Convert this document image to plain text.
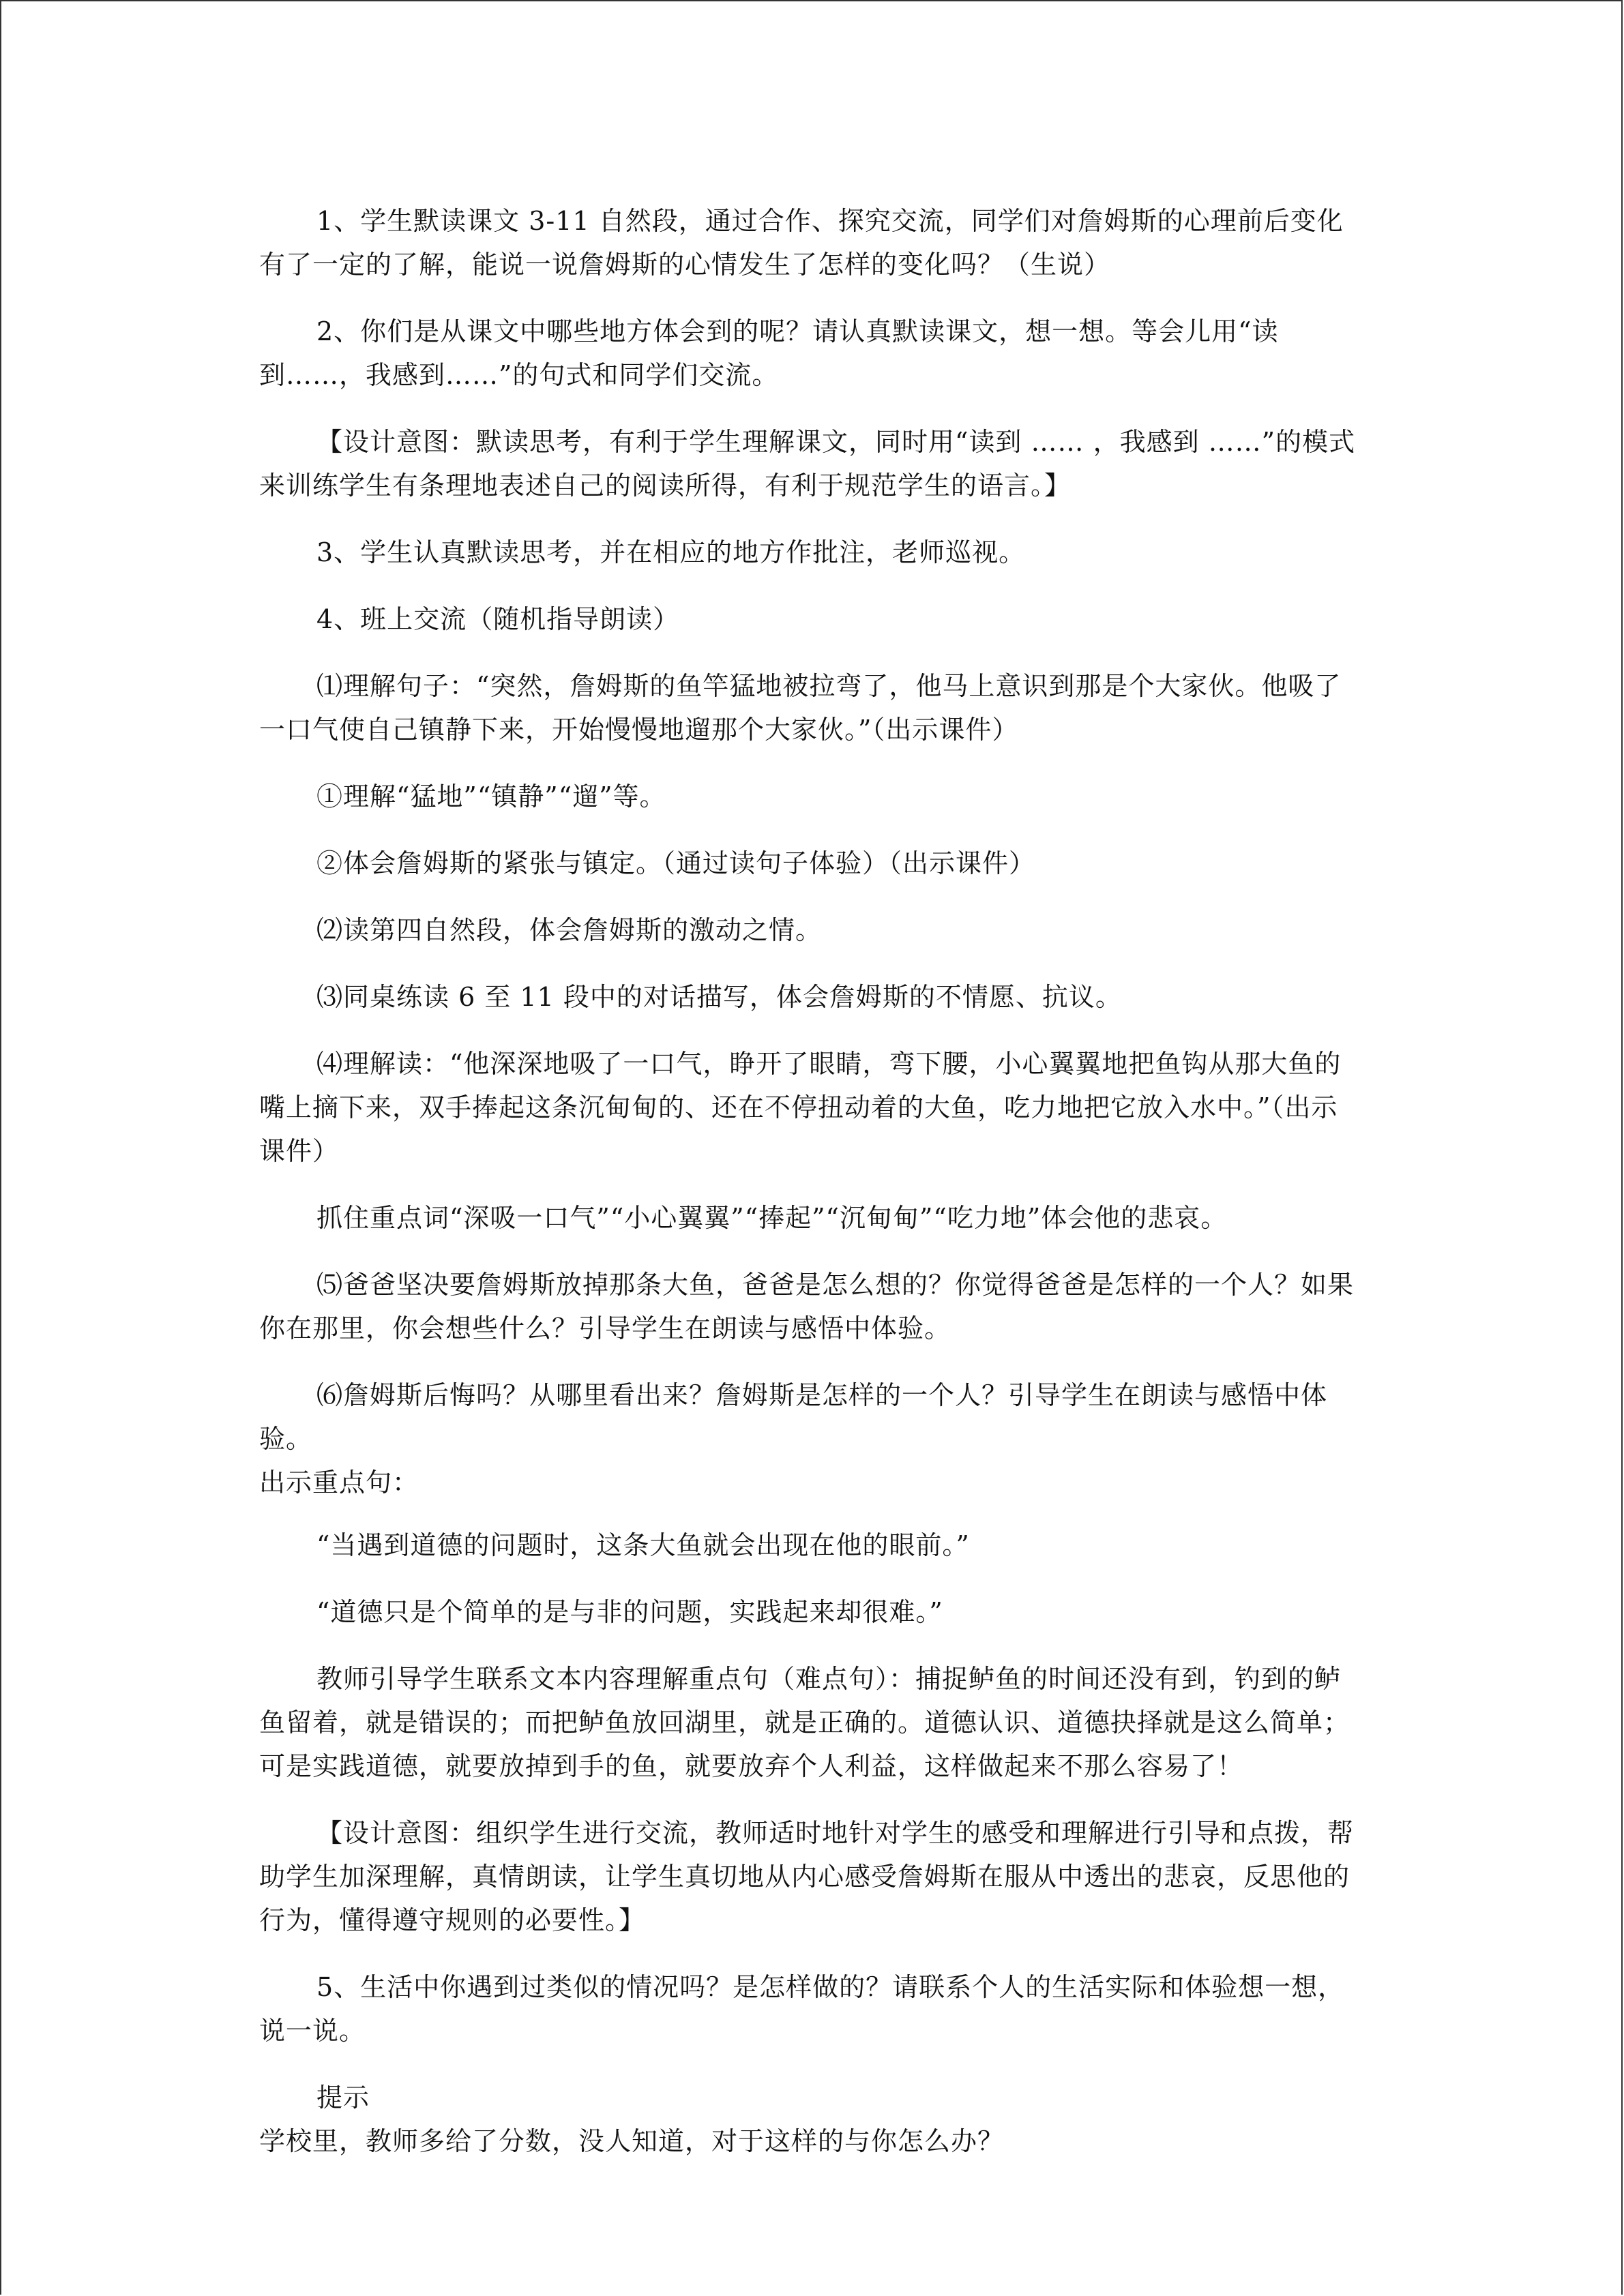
1、学生默读课文 3-11 自然段，通过合作、探究交流，同学们对詹姆斯的心理前后变化有了一定的了解，能说一说詹姆斯的心情发生了怎样的变化吗？（生说）

2、你们是从课文中哪些地方体会到的呢？请认真默读课文，想一想。等会儿用“读到……，我感到……”的句式和同学们交流。

【设计意图：默读思考，有利于学生理解课文，同时用“读到 …… ，我感到 ……”的模式来训练学生有条理地表述自己的阅读所得，有利于规范学生的语言。】

3、学生认真默读思考，并在相应的地方作批注，老师巡视。

4、班上交流（随机指导朗读）

⑴理解句子：“突然，詹姆斯的鱼竿猛地被拉弯了，他马上意识到那是个大家伙。他吸了一口气使自己镇静下来，开始慢慢地遛那个大家伙。”（出示课件）

①理解“猛地”“镇静”“遛”等。

②体会詹姆斯的紧张与镇定。（通过读句子体验）（出示课件）

⑵读第四自然段，体会詹姆斯的激动之情。

⑶同桌练读 6 至 11 段中的对话描写，体会詹姆斯的不情愿、抗议。

⑷理解读：“他深深地吸了一口气，睁开了眼睛，弯下腰，小心翼翼地把鱼钩从那大鱼的嘴上摘下来，双手捧起这条沉甸甸的、还在不停扭动着的大鱼，吃力地把它放入水中。”（出示课件）

抓住重点词“深吸一口气”“小心翼翼”“捧起”“沉甸甸”“吃力地”体会他的悲哀。

⑸爸爸坚决要詹姆斯放掉那条大鱼，爸爸是怎么想的？你觉得爸爸是怎样的一个人？如果你在那里，你会想些什么？引导学生在朗读与感悟中体验。

⑹詹姆斯后悔吗？从哪里看出来？詹姆斯是怎样的一个人？引导学生在朗读与感悟中体验。

出示重点句：

“当遇到道德的问题时，这条大鱼就会出现在他的眼前。”

“道德只是个简单的是与非的问题，实践起来却很难。”

教师引导学生联系文本内容理解重点句（难点句）：捕捉鲈鱼的时间还没有到，钓到的鲈鱼留着，就是错误的；而把鲈鱼放回湖里，就是正确的。道德认识、道德抉择就是这么简单；可是实践道德，就要放掉到手的鱼，就要放弃个人利益，这样做起来不那么容易了！

【设计意图：组织学生进行交流，教师适时地针对学生的感受和理解进行引导和点拨，帮助学生加深理解，真情朗读，让学生真切地从内心感受詹姆斯在服从中透出的悲哀，反思他的行为，懂得遵守规则的必要性。】

5、生活中你遇到过类似的情况吗？是怎样做的？请联系个人的生活实际和体验想一想，说一说。

提示

学校里，教师多给了分数，没人知道，对于这样的与你怎么办？
